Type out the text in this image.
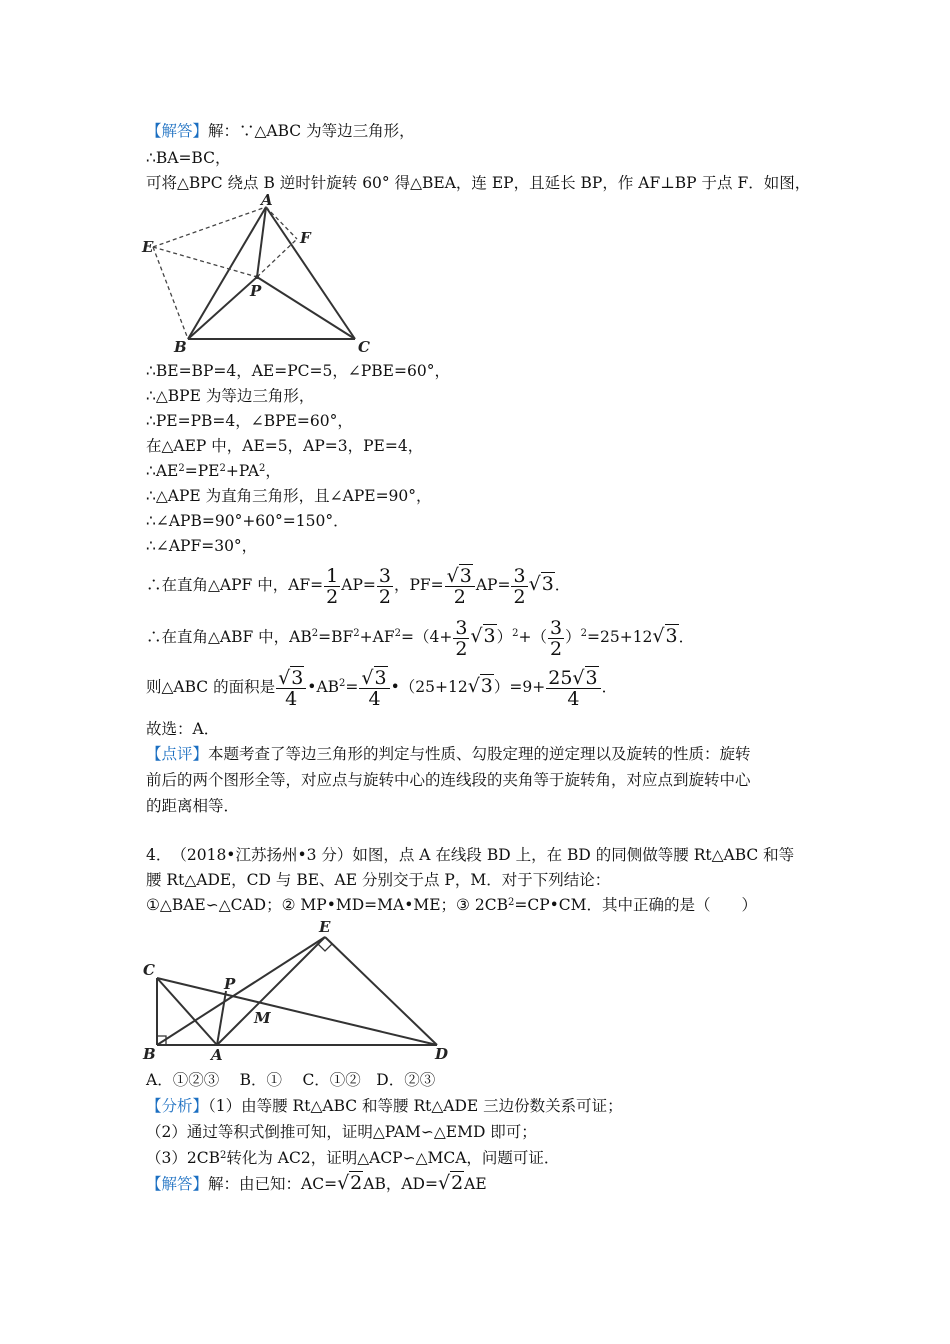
【解答】解：∵△ABC 为等边三角形，
∴BA=BC，
可将△BPC 绕点 B 逆时针旋转 60° 得△BEA，连 EP，且延长 BP，作 AF⊥BP 于点 F．如图，
A
E	F
P
B	C
∴BE=BP=4，AE=PC=5，∠PBE=60°，
∴△BPE 为等边三角形，
∴PE=PB=4，∠BPE=60°，
在△AEP 中，AE=5，AP=3，PE=4，
$\therefore AE^2=PE^2+PA^2$，
∴△APE 为直角三角形，且∠APE=90°，
∴∠APB=90°+60°=150°．
∴∠APF=30°，
∴在直角△APF 中，$AF= \frac{1}{2} AP= \frac{3}{2}$ ，$PF= \frac{√3}{2} AP= \frac{3}{2} √3$．
∴在直角△ABF 中，$AB^2=BF^2+AF^2=(4+ \frac{3}{2} √3)^2+( \frac{3}{2} )^2=25+12√3$．
则△ABC 的面积是 $\frac{√3}{4}$ $•AB^2= \frac{√3}{4}$ •（25+12√3）=9+ $\frac{25√3}{4}$ ．
故选：A．
【点评】本题考查了等边三角形的判定与性质、勾股定理的逆定理以及旋转的性质：旋转
前后的两个图形全等，对应点与旋转中心的连线段的夹角等于旋转角，对应点到旋转中心
的距离相等．
4．　（2018•江苏扬州•3 分）如图，点 A 在线段 BD 上，在 BD 的同侧做等腰 Rt△ABC 和等
腰 Rt△ADE，CD 与 BE、AE 分别交于点 P，M．对于下列结论：
①△BAE∽△CAD；② MP•MD=MA•ME；③ $2CB^2=CP•CM$．其中正确的是（　　）
E
C
P
M
B	A	D
A．①②③　 B．①　 C．①②　D．②③
【分析】（1）由等腰 Rt△ABC 和等腰 Rt△ADE 三边份数关系可证；
（2）通过等积式倒推可知，证明△PAM∽△EMD 即可；
$(3)2CB^2$转化为 AC2，证明△ACP∽△MCA，问题可证．
【解答】解：由已知：AC=√2AB，AD=√2AE
